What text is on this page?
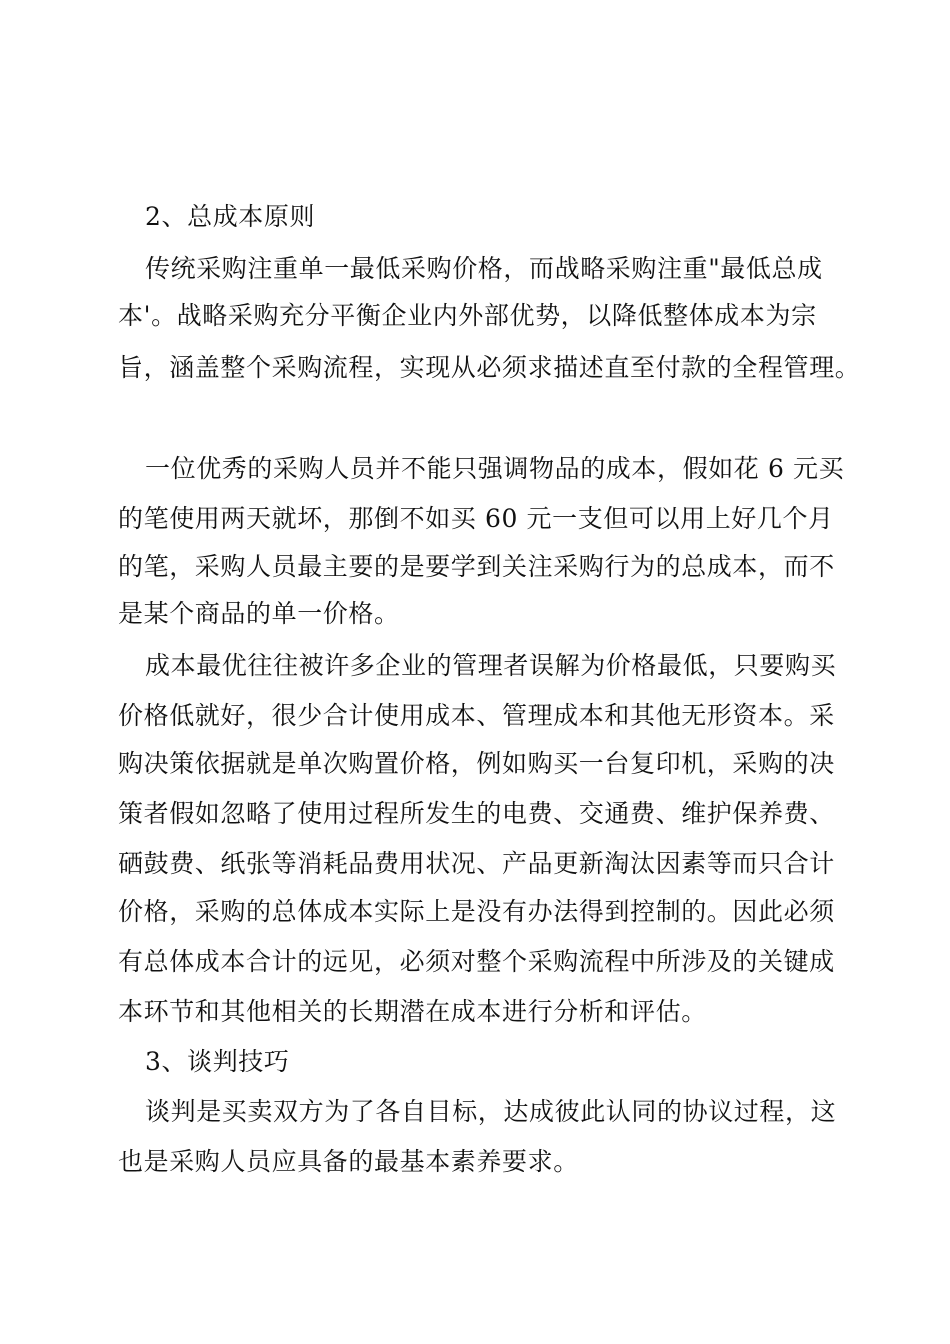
2、总成本原则
传统采购注重单一最低采购价格，而战略采购注重"最低总成
本'。战略采购充分平衡企业内外部优势，以降低整体成本为宗
旨，涵盖整个采购流程，实现从必须求描述直至付款的全程管理。
一位优秀的采购人员并不能只强调物品的成本，假如花 6 元买
的笔使用两天就坏，那倒不如买 60 元一支但可以用上好几个月
的笔，采购人员最主要的是要学到关注采购行为的总成本，而不
是某个商品的单一价格。
成本最优往往被许多企业的管理者误解为价格最低，只要购买
价格低就好，很少合计使用成本、管理成本和其他无形资本。采
购决策依据就是单次购置价格，例如购买一台复印机，采购的决
策者假如忽略了使用过程所发生的电费、交通费、维护保养费、
硒鼓费、纸张等消耗品费用状况、产品更新淘汰因素等而只合计
价格，采购的总体成本实际上是没有办法得到控制的。因此必须
有总体成本合计的远见，必须对整个采购流程中所涉及的关键成
本环节和其他相关的长期潜在成本进行分析和评估。
3、谈判技巧
谈判是买卖双方为了各自目标，达成彼此认同的协议过程，这
也是采购人员应具备的最基本素养要求。
